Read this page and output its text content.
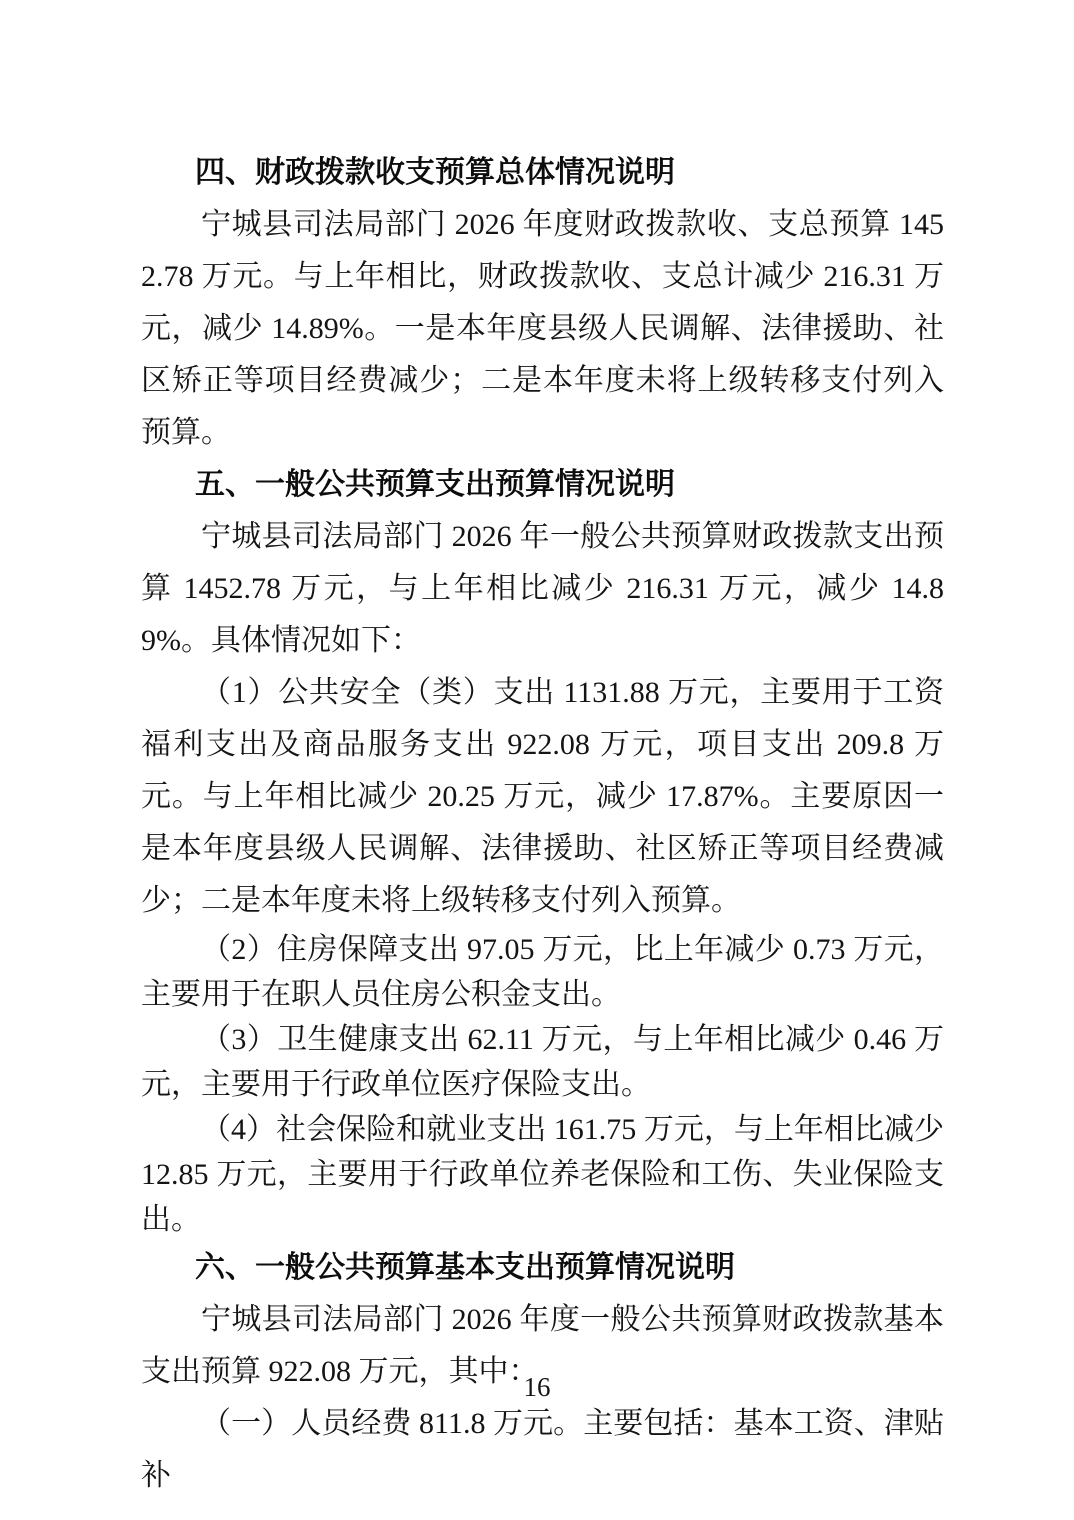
四、财政拨款收支预算总体情况说明

宁城县司法局部门 2026 年度财政拨款收、支总预算 1452.78 万元。与上年相比，财政拨款收、支总计减少 216.31 万元，减少 14.89%。一是本年度县级人民调解、法律援助、社区矫正等项目经费减少；二是本年度未将上级转移支付列入预算。

五、一般公共预算支出预算情况说明

宁城县司法局部门 2026 年一般公共预算财政拨款支出预算 1452.78 万元，与上年相比减少 216.31 万元，减少 14.89%。具体情况如下：

（1）公共安全（类）支出 1131.88 万元，主要用于工资福利支出及商品服务支出 922.08 万元，项目支出 209.8 万元。与上年相比减少 20.25 万元，减少 17.87%。主要原因一是本年度县级人民调解、法律援助、社区矫正等项目经费减少；二是本年度未将上级转移支付列入预算。

（2）住房保障支出 97.05 万元，比上年减少 0.73 万元，主要用于在职人员住房公积金支出。

（3）卫生健康支出 62.11 万元，与上年相比减少 0.46 万元，主要用于行政单位医疗保险支出。

（4）社会保险和就业支出 161.75 万元，与上年相比减少 12.85 万元，主要用于行政单位养老保险和工伤、失业保险支出。

六、一般公共预算基本支出预算情况说明

宁城县司法局部门 2026 年度一般公共预算财政拨款基本支出预算 922.08 万元，其中：

（一）人员经费 811.8 万元。主要包括：基本工资、津贴补

16
